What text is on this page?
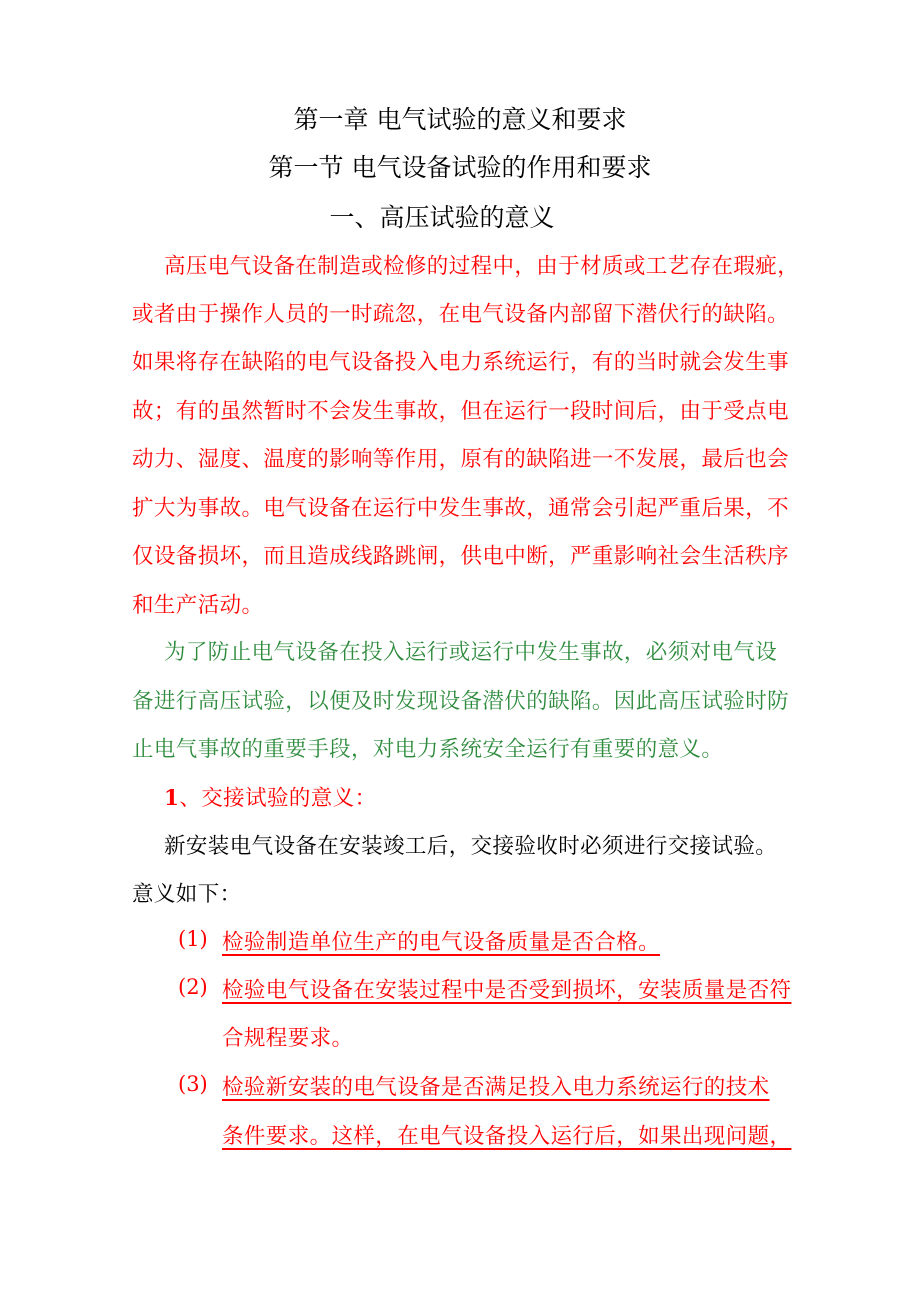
第一章 电气试验的意义和要求
第一节 电气设备试验的作用和要求
一、高压试验的意义
高压电气设备在制造或检修的过程中，由于材质或工艺存在瑕疵，
或者由于操作人员的一时疏忽，在电气设备内部留下潜伏行的缺陷。
如果将存在缺陷的电气设备投入电力系统运行，有的当时就会发生事
故；有的虽然暂时不会发生事故，但在运行一段时间后，由于受点电
动力、湿度、温度的影响等作用，原有的缺陷进一不发展，最后也会
扩大为事故。电气设备在运行中发生事故，通常会引起严重后果，不
仅设备损坏，而且造成线路跳闸，供电中断，严重影响社会生活秩序
和生产活动。
为了防止电气设备在投入运行或运行中发生事故，必须对电气设
备进行高压试验，以便及时发现设备潜伏的缺陷。因此高压试验时防
止电气事故的重要手段，对电力系统安全运行有重要的意义。
1、交接试验的意义：
新安装电气设备在安装竣工后，交接验收时必须进行交接试验。
意义如下：
(1) 检验制造单位生产的电气设备质量是否合格。
(2) 检验电气设备在安装过程中是否受到损坏，安装质量是否符
合规程要求。
(3) 检验新安装的电气设备是否满足投入电力系统运行的技术
条件要求。这样，在电气设备投入运行后，如果出现问题，
